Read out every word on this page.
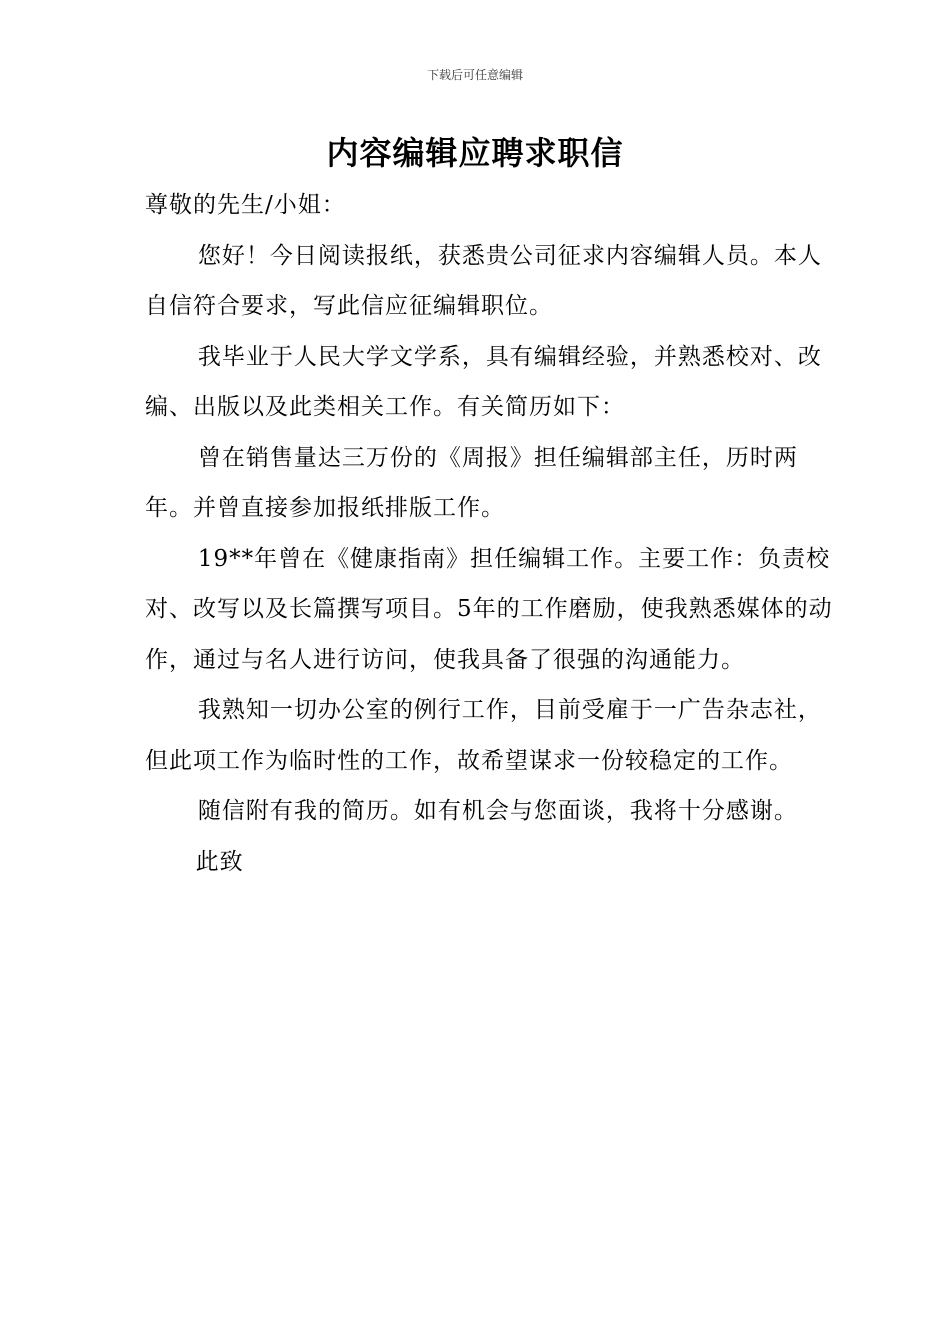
下载后可任意编辑
内容编辑应聘求职信

尊敬的先生/小姐：

您好！今日阅读报纸，获悉贵公司征求内容编辑人员。本人自信符合要求，写此信应征编辑职位。

我毕业于人民大学文学系，具有编辑经验，并熟悉校对、改编、出版以及此类相关工作。有关简历如下：

曾在销售量达三万份的《周报》担任编辑部主任，历时两年。并曾直接参加报纸排版工作。

19**年曾在《健康指南》担任编辑工作。主要工作：负责校对、改写以及长篇撰写项目。5年的工作磨励，使我熟悉媒体的动作，通过与名人进行访问，使我具备了很强的沟通能力。

我熟知一切办公室的例行工作，目前受雇于一广告杂志社，但此项工作为临时性的工作，故希望谋求一份较稳定的工作。

随信附有我的简历。如有机会与您面谈，我将十分感谢。

此致
